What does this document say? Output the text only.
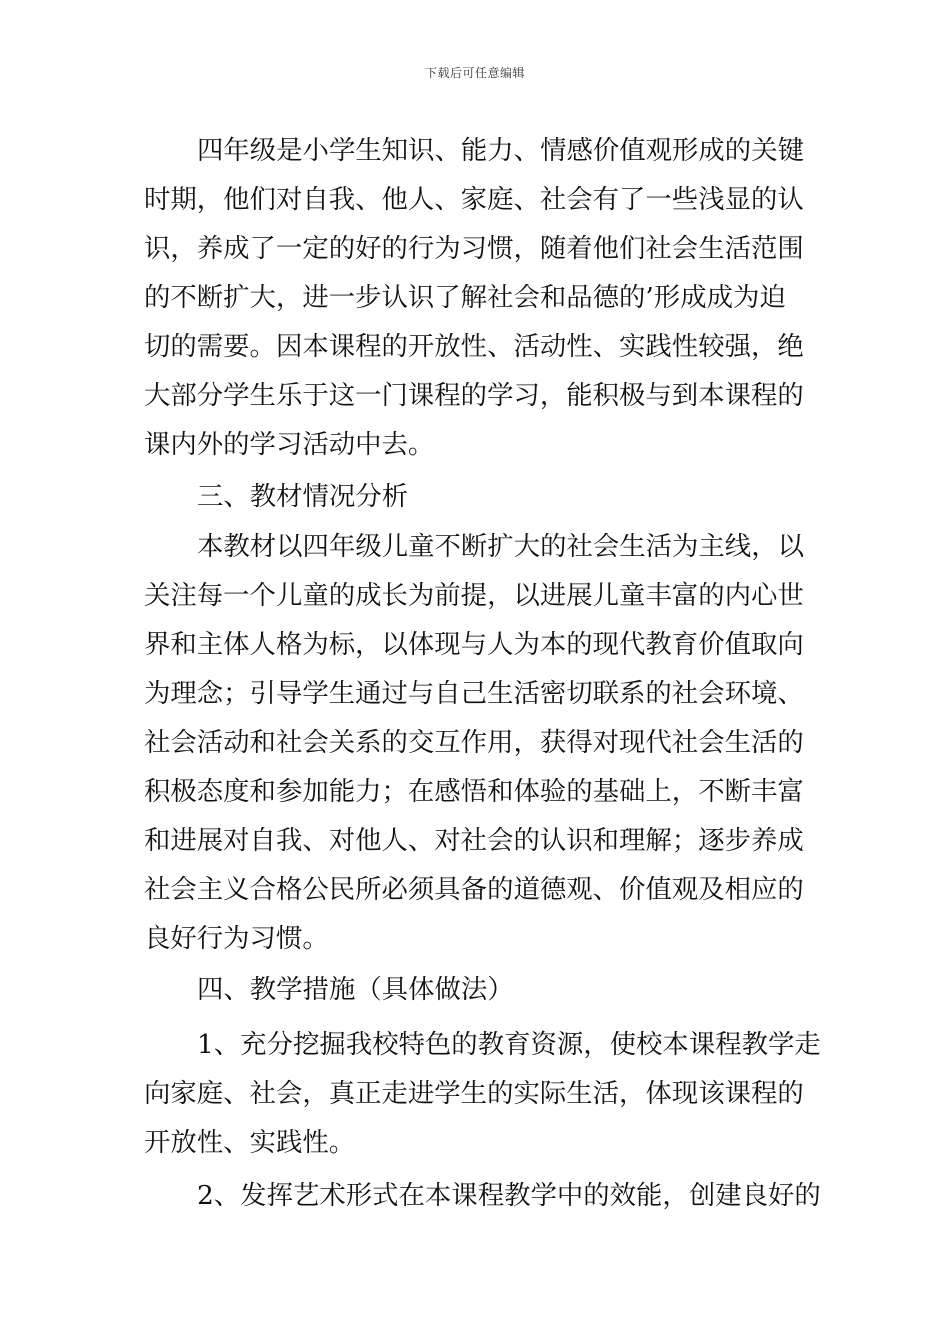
下载后可任意编辑
四年级是小学生知识、能力、情感价值观形成的关键
时期，他们对自我、他人、家庭、社会有了一些浅显的认
识，养成了一定的好的行为习惯，随着他们社会生活范围
的不断扩大，进一步认识了解社会和品德的’形成成为迫
切的需要。因本课程的开放性、活动性、实践性较强，绝
大部分学生乐于这一门课程的学习，能积极与到本课程的
课内外的学习活动中去。
三、教材情况分析
本教材以四年级儿童不断扩大的社会生活为主线，以
关注每一个儿童的成长为前提，以进展儿童丰富的内心世
界和主体人格为标，以体现与人为本的现代教育价值取向
为理念；引导学生通过与自己生活密切联系的社会环境、
社会活动和社会关系的交互作用，获得对现代社会生活的
积极态度和参加能力；在感悟和体验的基础上，不断丰富
和进展对自我、对他人、对社会的认识和理解；逐步养成
社会主义合格公民所必须具备的道德观、价值观及相应的
良好行为习惯。
四、教学措施（具体做法）
1、充分挖掘我校特色的教育资源，使校本课程教学走
向家庭、社会，真正走进学生的实际生活，体现该课程的
开放性、实践性。
2、发挥艺术形式在本课程教学中的效能，创建良好的
